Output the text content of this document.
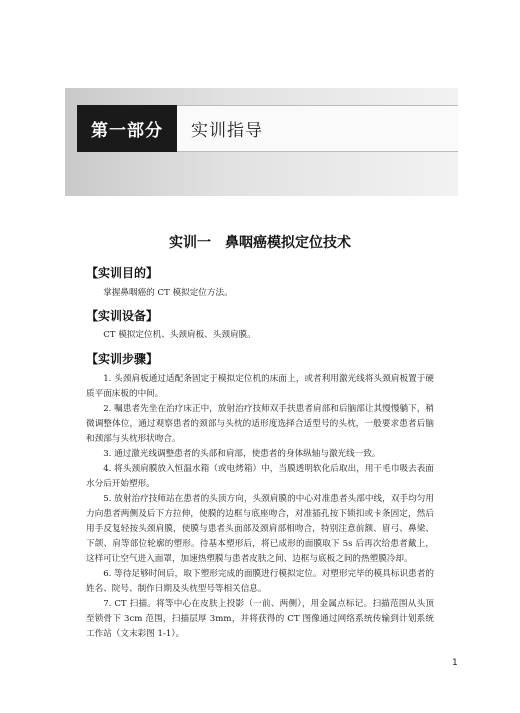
第一部分	实训指导
实训一　鼻咽癌模拟定位技术
【实训目的】

掌握鼻咽癌的 CT 模拟定位方法。

【实训设备】

CT 模拟定位机、头颈肩板、头颈肩膜。

【实训步骤】

1. 头颈肩板通过适配条固定于模拟定位机的床面上，或者利用激光线将头颈肩板置于硬质平面床板的中间。

2. 嘱患者先坐在治疗床正中，放射治疗技师双手扶患者肩部和后脑部让其慢慢躺下，稍微调整体位，通过观察患者的颈部与头枕的适形度选择合适型号的头枕，一般要求患者后脑和颈部与头枕形状吻合。

3. 通过激光线调整患者的头部和肩部，使患者的身体纵轴与激光线一致。

4. 将头颈肩膜放入恒温水箱（或电烤箱）中，当膜透明软化后取出，用干毛巾吸去表面水分后开始塑形。

5. 放射治疗技师站在患者的头顶方向，头颈肩膜的中心对准患者头部中线，双手均匀用力向患者两侧及后下方拉伸，使膜的边框与底座吻合，对准插孔按下锁扣或卡条固定，然后用手反复轻按头颈肩膜，使膜与患者头面部及颈肩部相吻合，特别注意前额、眉弓、鼻梁、下颌、肩等部位轮廓的塑形。待基本塑形后，将已成形的面膜取下 5s 后再次给患者戴上，这样可让空气进入面罩，加速热塑膜与患者皮肤之间、边框与底板之间的热塑膜冷却。

6. 等待足够时间后，取下塑形完成的面膜进行模拟定位。对塑形完毕的模具标识患者的姓名、院号、制作日期及头枕型号等相关信息。

7. CT 扫描。将等中心在皮肤上投影（一前、两侧），用金属点标记。扫描范围从头顶至锁骨下 3cm 范围，扫描层厚 3mm，并将获得的 CT 图像通过网络系统传输到计划系统工作站（文末彩图 1-1）。

1
